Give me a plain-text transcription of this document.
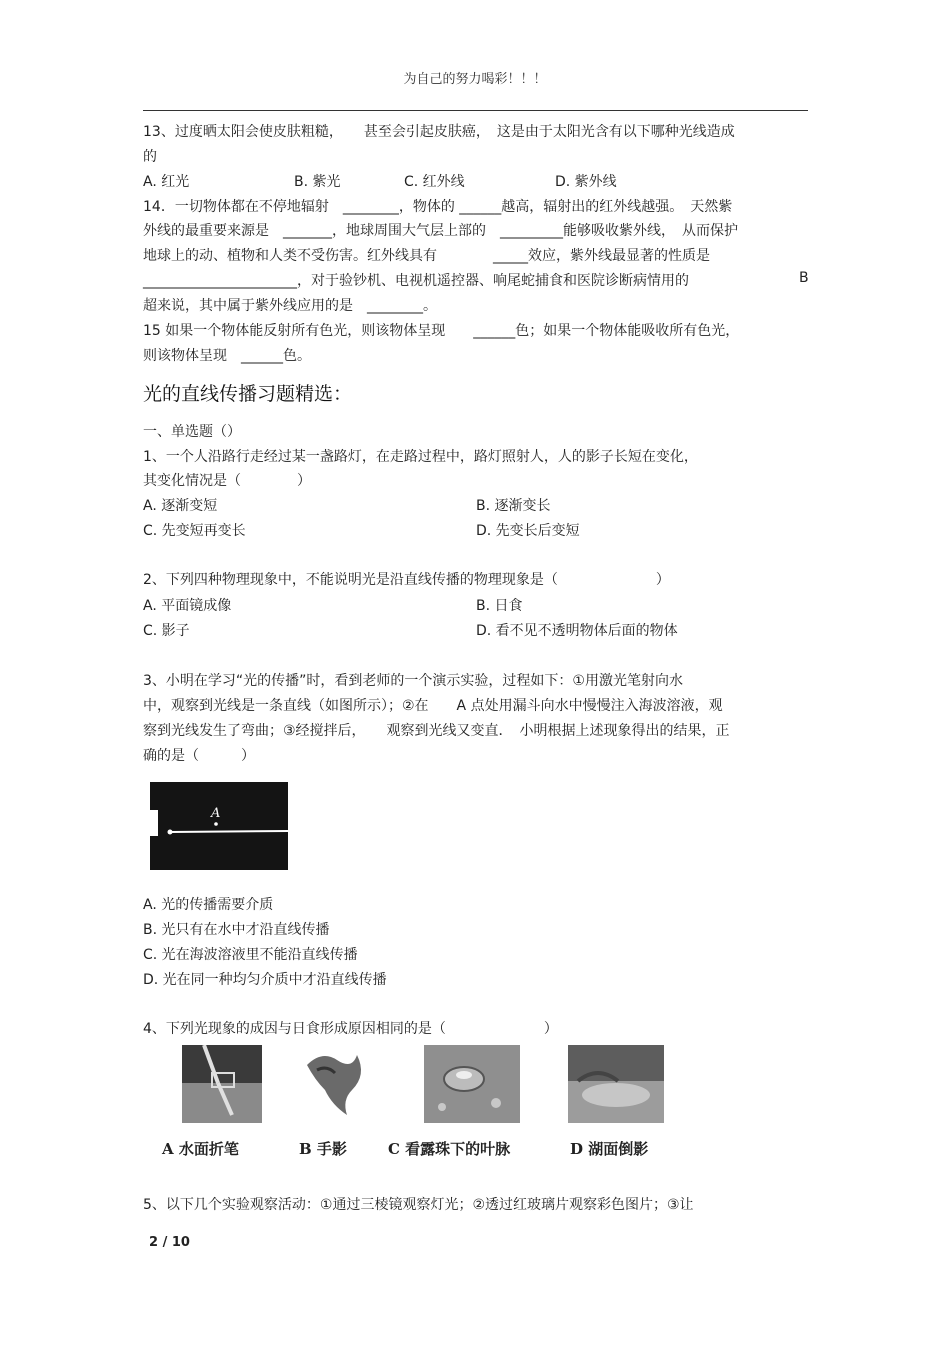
为自己的努力喝彩！！！
13、过度晒太阳会使皮肤粗糙，　　甚至会引起皮肤癌，　这是由于太阳光含有以下哪种光线造成
的
A. 红光	B. 紫光	C. 红外线	D. 紫外线
14．一切物体都在不停地辐射　________，物体的 ______越高，辐射出的红外线越强。　天然紫
外线的最重要来源是　_______，地球周围大气层上部的　_________能够吸收紫外线，　从而保护
地球上的动、植物和人类不受伤害。红外线具有　　　　_____效应，紫外线最显著的性质是
______________________，对于验钞机、电视机遥控器、响尾蛇捕食和医院诊断病情用的	B
超来说，其中属于紫外线应用的是　________。
15 如果一个物体能反射所有色光，则该物体呈现　　______色；如果一个物体能吸收所有色光，
则该物体呈现　______色。
光的直线传播习题精选：
一、单选题（）
1、一个人沿路行走经过某一盏路灯，在走路过程中，路灯照射人，人的影子长短在变化，
其变化情况是（　　　　）
A. 逐渐变短	B. 逐渐变长
C. 先变短再变长	D. 先变长后变短
2、下列四种物理现象中，不能说明光是沿直线传播的物理现象是（　　　　　　　）
A. 平面镜成像	B. 日食
C. 影子	D. 看不见不透明物体后面的物体
3、小明在学习“光的传播”时，看到老师的一个演示实验，过程如下：①用激光笔射向水
中，观察到光线是一条直线（如图所示）；②在　　A 点处用漏斗向水中慢慢注入海波溶液，观
察到光线发生了弯曲；③经搅拌后，　　观察到光线又变直．　小明根据上述现象得出的结果，正
确的是（　　　）
A
A. 光的传播需要介质
B. 光只有在水中才沿直线传播
C. 光在海波溶液里不能沿直线传播
D. 光在同一种均匀介质中才沿直线传播
4、下列光现象的成因与日食形成原因相同的是（　　　　　　　）
A 水面折笔	B 手影	C 看露珠下的叶脉	D 湖面倒影
5、以下几个实验观察活动：①通过三棱镜观察灯光；②透过红玻璃片观察彩色图片；③让
2 / 10
